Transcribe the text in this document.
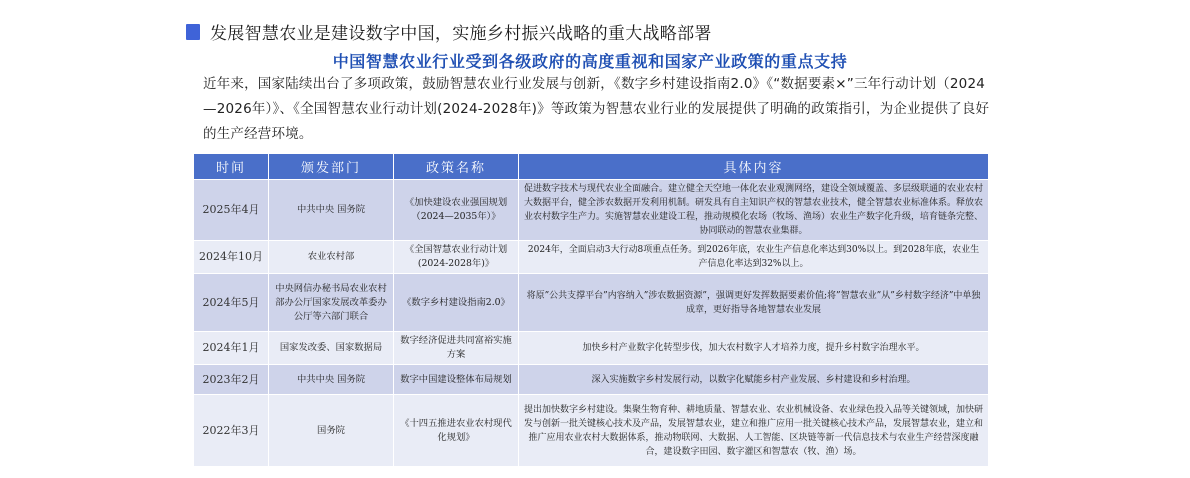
发展智慧农业是建设数字中国，实施乡村振兴战略的重大战略部署
中国智慧农业行业受到各级政府的高度重视和国家产业政策的重点支持
近年来，国家陆续出台了多项政策，鼓励智慧农业行业发展与创新，《数字乡村建设指南2.0》《“数据要素×”三年行动计划（2024—2026年）》、《全国智慧农业行动计划(2024-2028年)》等政策为智慧农业行业的发展提供了明确的政策指引，为企业提供了良好的生产经营环境。
时间	颁发部门	政策名称	具体内容
2025年4月	中共中央 国务院	《加快建设农业强国规划（2024—2035年）》	促进数字技术与现代农业全面融合。建立健全天空地一体化农业观测网络，建设全领域覆盖、多层级联通的农业农村大数据平台，健全涉农数据开发利用机制。研发具有自主知识产权的智慧农业技术，健全智慧农业标准体系。释放农业农村数字生产力。实施智慧农业建设工程，推动规模化农场（牧场、渔场）农业生产数字化升级，培育链条完整、协同联动的智慧农业集群。
2024年10月	农业农村部	《全国智慧农业行动计划(2024-2028年)》	2024年，全面启动3大行动8项重点任务。到2026年底，农业生产信息化率达到30%以上。到2028年底，农业生产信息化率达到32%以上。
2024年5月	中央网信办秘书局农业农村部办公厅国家发展改革委办公厅等六部门联合	《数字乡村建设指南2.0》	将原”公共支撑平台”内容纳入”涉农数据资源”，强调更好发挥数据要素价值;将”智慧农业”从”乡村数字经济”中单独成章，更好指导各地智慧农业发展
2024年1月	国家发改委、国家数据局	数字经济促进共同富裕实施方案	加快乡村产业数字化转型步伐，加大农村数字人才培养力度，提升乡村数字治理水平。
2023年2月	中共中央 国务院	数字中国建设整体布局规划	深入实施数字乡村发展行动，以数字化赋能乡村产业发展、乡村建设和乡村治理。
2022年3月	国务院	《十四五推进农业农村现代化规划》	提出加快数字乡村建设。集聚生物育种、耕地质量、智慧农业、农业机械设备、农业绿色投入品等关键领域，加快研发与创新一批关键核心技术及产品，发展智慧农业，建立和推广应用一批关键核心技术产品，发展智慧农业，建立和推广应用农业农村大数据体系，推动物联网、大数据、人工智能、区块链等新一代信息技术与农业生产经营深度融合，建设数字田园、数字灌区和智慧农（牧、渔）场。
